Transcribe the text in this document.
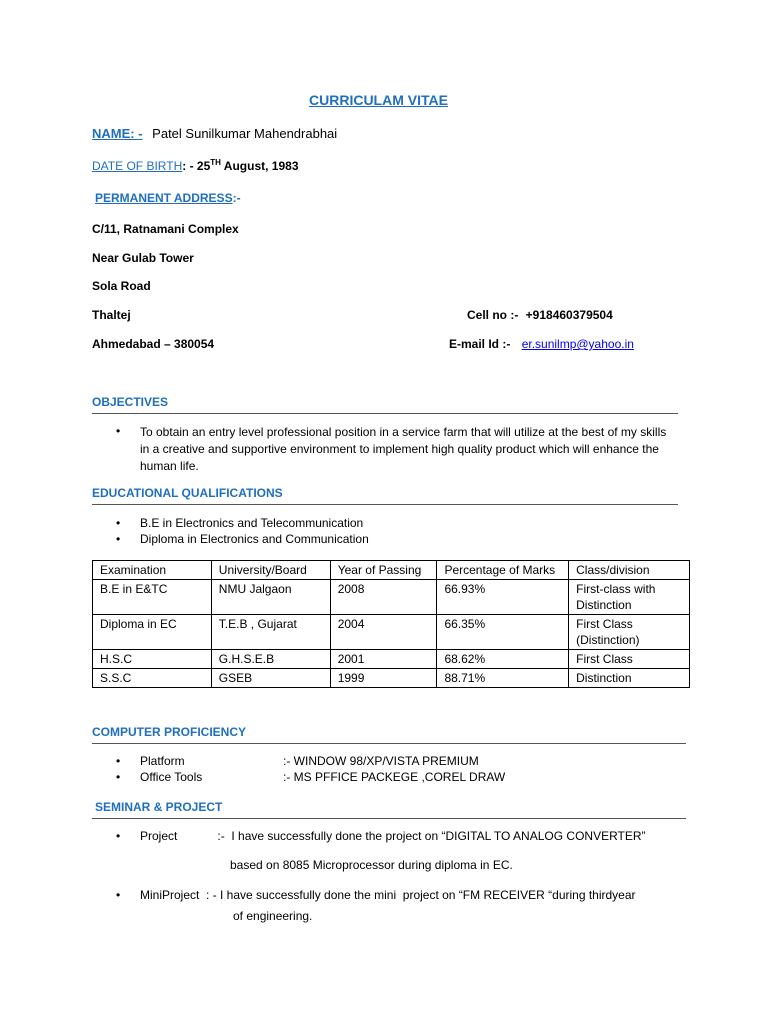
CURRICULAM VITAE
NAME: - Patel Sunilkumar Mahendrabhai
DATE OF BIRTH: - 25TH August, 1983
PERMANENT ADDRESS:-
C/11, Ratnamani Complex
Near Gulab Tower
Sola Road
Thaltej
Ahmedabad – 380054
Cell no :- +918460379504
E-mail Id :- er.sunilmp@yahoo.in
OBJECTIVES
• To obtain an entry level professional position in a service farm that will utilize at the best of my skills in a creative and supportive environment to implement high quality product which will enhance the human life.
EDUCATIONAL QUALIFICATIONS
• B.E in Electronics and Telecommunication
• Diploma in Electronics and Communication
Examination	University/Board	Year of Passing	Percentage of Marks	Class/division
B.E in E&TC	NMU Jalgaon	2008	66.93%	First-class with Distinction
Diploma in EC	T.E.B , Gujarat	2004	66.35%	First Class (Distinction)
H.S.C	G.H.S.E.B	2001	68.62%	First Class
S.S.C	GSEB	1999	88.71%	Distinction
COMPUTER PROFICIENCY
• Platform	:- WINDOW 98/XP/VISTA PREMIUM
• Office Tools	:- MS PFFICE PACKEGE ,COREL DRAW
SEMINAR & PROJECT
• Project            :-  I have successfully done the project on “DIGITAL TO ANALOG CONVERTER”
based on 8085 Microprocessor during diploma in EC.
• MiniProject  : - I have successfully done the mini  project on “FM RECEIVER “during thirdyear
of engineering.
